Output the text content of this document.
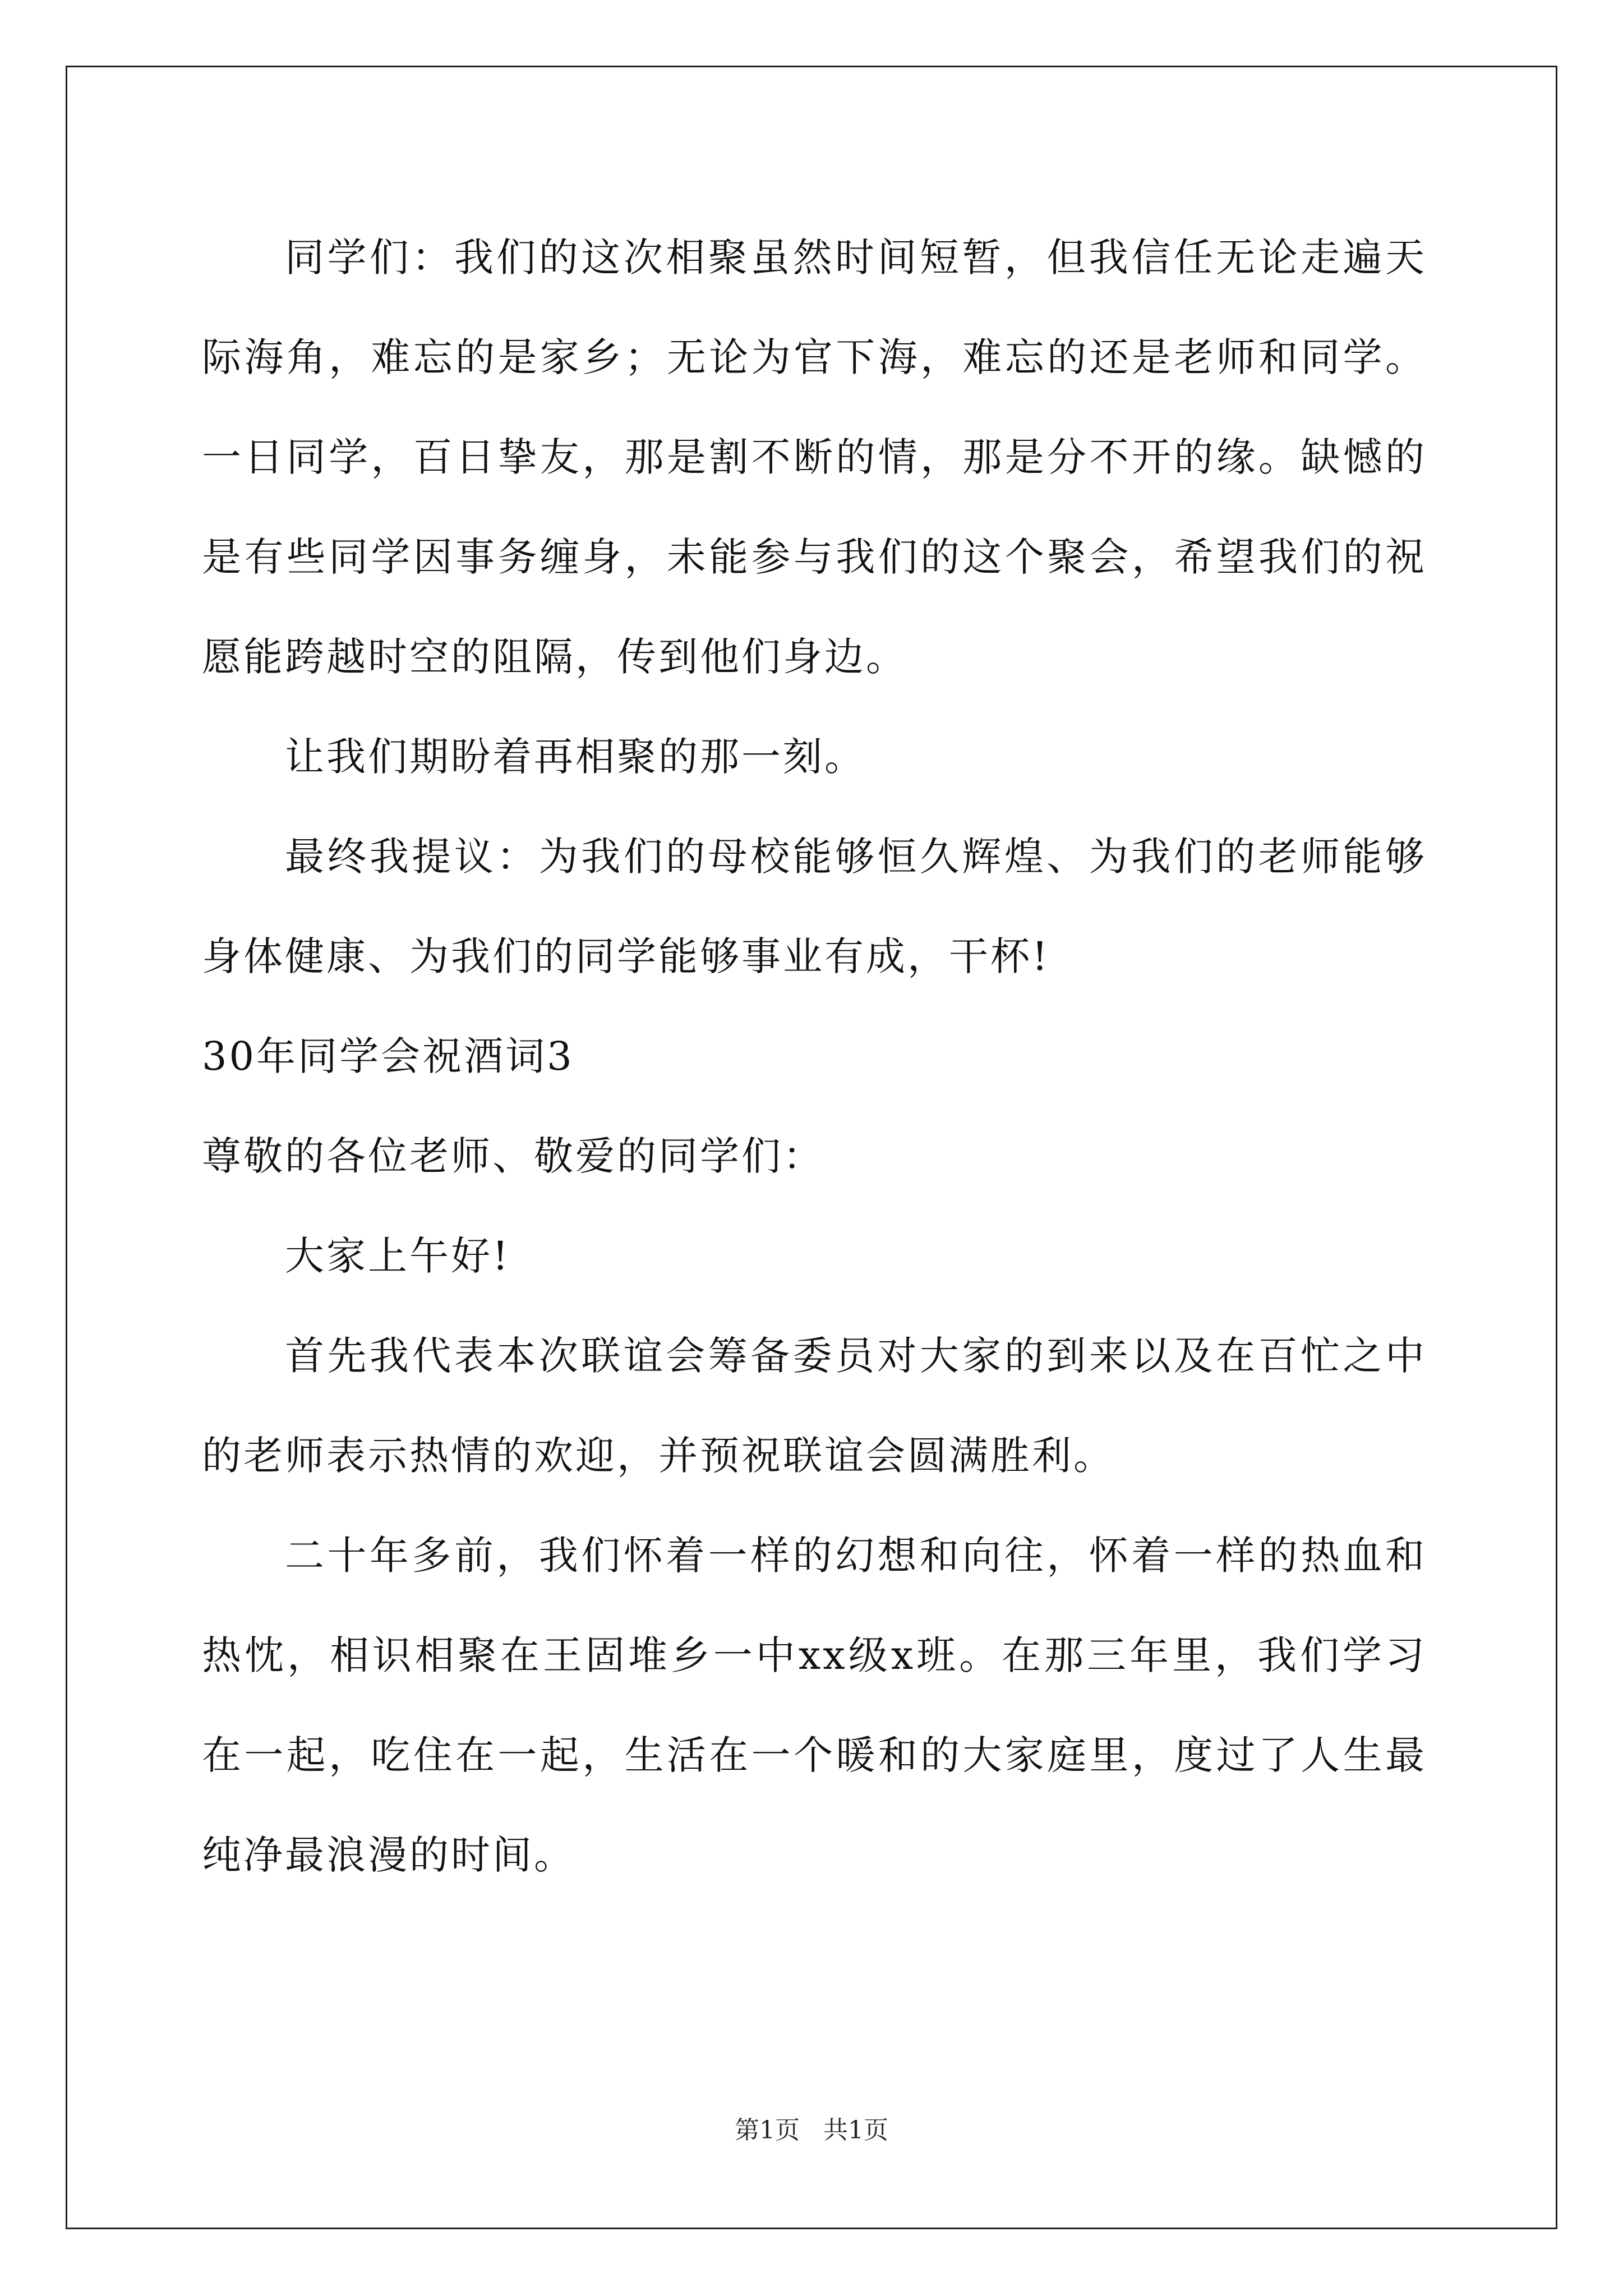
同学们：我们的这次相聚虽然时间短暂，但我信任无论走遍天际海角，难忘的是家乡；无论为官下海，难忘的还是老师和同学。一日同学，百日挚友，那是割不断的情，那是分不开的缘。缺憾的是有些同学因事务缠身，未能参与我们的这个聚会，希望我们的祝愿能跨越时空的阻隔，传到他们身边。

让我们期盼着再相聚的那一刻。

最终我提议：为我们的母校能够恒久辉煌、为我们的老师能够身体健康、为我们的同学能够事业有成，干杯!

30年同学会祝酒词3

尊敬的各位老师、敬爱的同学们：

大家上午好!

首先我代表本次联谊会筹备委员对大家的到来以及在百忙之中的老师表示热情的欢迎，并预祝联谊会圆满胜利。

二十年多前，我们怀着一样的幻想和向往，怀着一样的热血和热忱，相识相聚在王固堆乡一中xx级x班。在那三年里，我们学习在一起，吃住在一起，生活在一个暖和的大家庭里，度过了人生最纯净最浪漫的时间。

第1页   共1页
